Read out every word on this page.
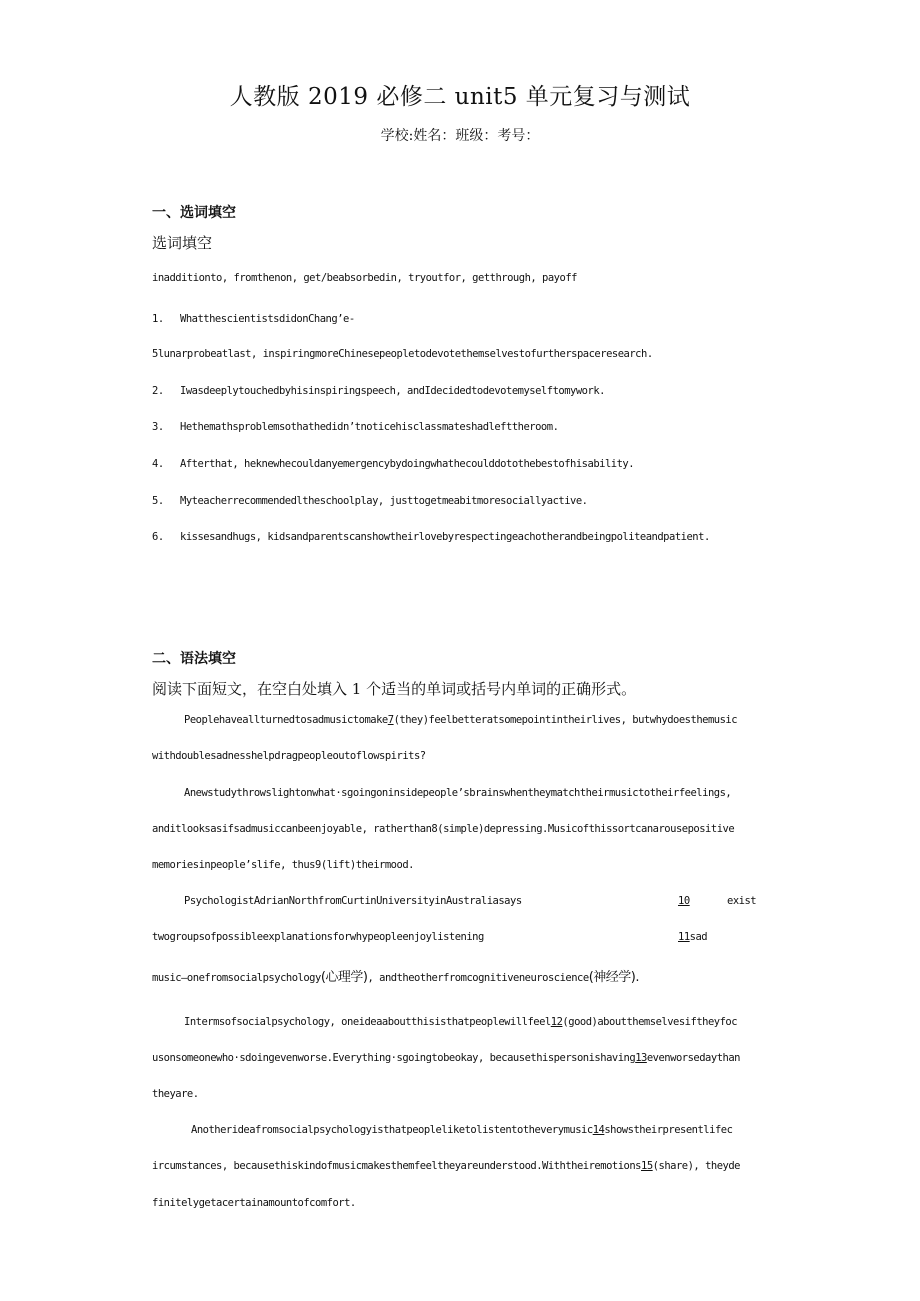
人教版 2019 必修二 unit5 单元复习与测试
学校:姓名：班级：考号：
一、选词填空
选词填空
inadditionto, fromthenon, get/beabsorbedin, tryoutfor, getthrough, payoff
1. WhatthescientistsdidonChang’e-
5lunarprobeatlast, inspiringmoreChinesepeopletodevotethemselvestofurtherspaceresearch.
2. Iwasdeeplytouchedbyhisinspiringspeech, andIdecidedtodevotemyselftomywork.
3. Hethemathsproblemsothathedidn’tnoticehisclassmateshadlefttheroom.
4. Afterthat, heknewhecouldanyemergencybydoingwhathecoulddotothebestofhisability.
5. Myteacherrecommendedltheschoolplay, justtogetmeabitmoresociallyactive.
6. kissesandhugs, kidsandparentscanshowtheirlovebyrespectingeachotherandbeingpoliteandpatient.
二、语法填空
阅读下面短文，在空白处填入 1 个适当的单词或括号内单词的正确形式。
Peoplehaveallturnedtosadmusictomake7(they)feelbetteratsomepointintheirlives, butwhydoesthemusic
withdoublesadnesshelpdragpeopleoutoflowspirits?
Anewstudythrowslightonwhat·sgoingoninsidepeople’sbrainswhentheymatchtheirmusictotheirfeelings,
anditlooksasifsadmusiccanbeenjoyable, ratherthan8(simple)depressing.Musicofthissortcanarousepositive
memoriesinpeople’slife, thus9(lift)theirmood.
PsychologistAdrianNorthfromCurtinUniversityinAustraliasays	10	exist
twogroupsofpossibleexplanationsforwhypeopleenjoylistening	11sad
music—onefromsocialpsychology(心理学), andtheotherfromcognitiveneuroscience(神经学).
Intermsofsocialpsychology, oneideaaboutthisisthatpeoplewillfeel12(good)aboutthemselvesiftheyfoc
usonsomeonewho·sdoingevenworse.Everything·sgoingtobeokay, becausethispersonishaving13evenworsedaythan
theyare.
Anotherideafromsocialpsychologyisthatpeopleliketolistentotheverymusic14showstheirpresentlifec
ircumstances, becausethiskindofmusicmakesthemfeeltheyareunderstood.Withtheiremotions15(share), theyde
finitelygetacertainamountofcomfort.
